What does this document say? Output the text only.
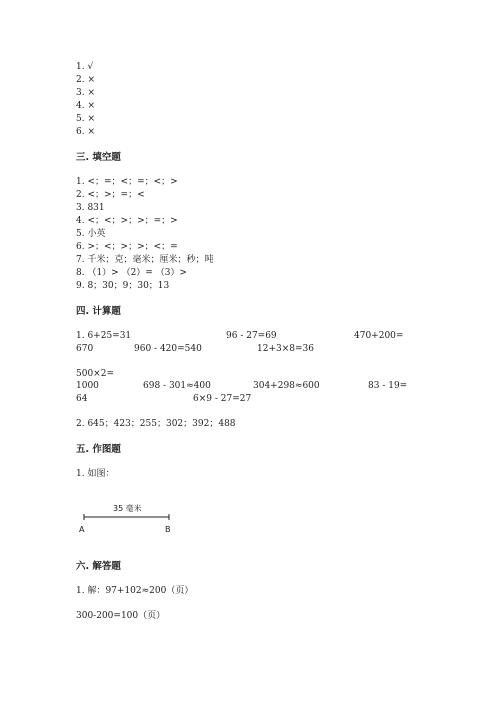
1. √
2. ×
3. ×
4. ×
5. ×
6. ×
三. 填空题
1. <；=；<；=；<；>
2. <；>；=；<
3. 831
4. <；<；>；>；=；>
5. 小英
6. >；<；>；>；<；=
7. 千米；克；毫米；厘米；秒；吨
8. （1）> （2）= （3）>
9. 8；30；9；30；13
四. 计算题
1. 6+25=31	96 - 27=69	470+200=
670	960 - 420=540	12+3×8=36
500×2=
1000	698 - 301≈400	304+298≈600	83 - 19=
64	6×9 - 27=27
2. 645；423；255；302；392；488
五. 作图题
1. 如图：
35 毫米
A	B
六. 解答题
1. 解：97+102≈200（页）
300-200=100（页）
